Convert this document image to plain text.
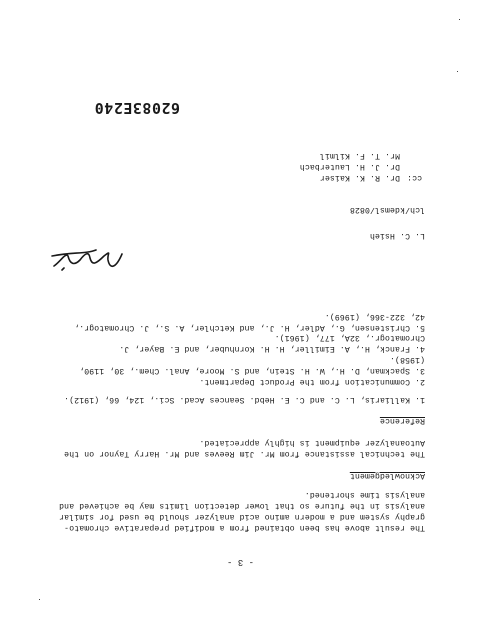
62083E240
cc:
Dr. R. K. Kaiser
Dr. J. H. Lauterbach
Mr. T. F. Kilmil
lch/kdemsl/0828
L. C. Hsieh
5. Christensen, G., Adler, H. J., and Ketchler, A. S., J. Chromatogr.,
42, 322-366, (1969).
4. Franck, H., A. Eimiller, H. H. Kornhuber, and E. Bayer, J.
Chromatogr., 32A, 177, (1961).
3. Spackman, D. H., W. H. Stein, and S. Moore, Anal. Chem., 30, 1190,
(1958).
2. Communication from the Product Department.
1. Kalliaris, L. C. and C. E. Hebd. Seances Acad. Sci., 124, 66, (1912).
Reference
The technical assistance from Mr. Jim Reeves and Mr. Harry Taynor on the
Autoanalyzer equipment is highly appreciated.
Acknowledgement
The result above has been obtained from a modified preparative chromato-
graphy system and a modern amino acid analyzer should be used for similar
analysis in the future so that lower detection limits may be achieved and
analysis time shortened.
- 3 -
